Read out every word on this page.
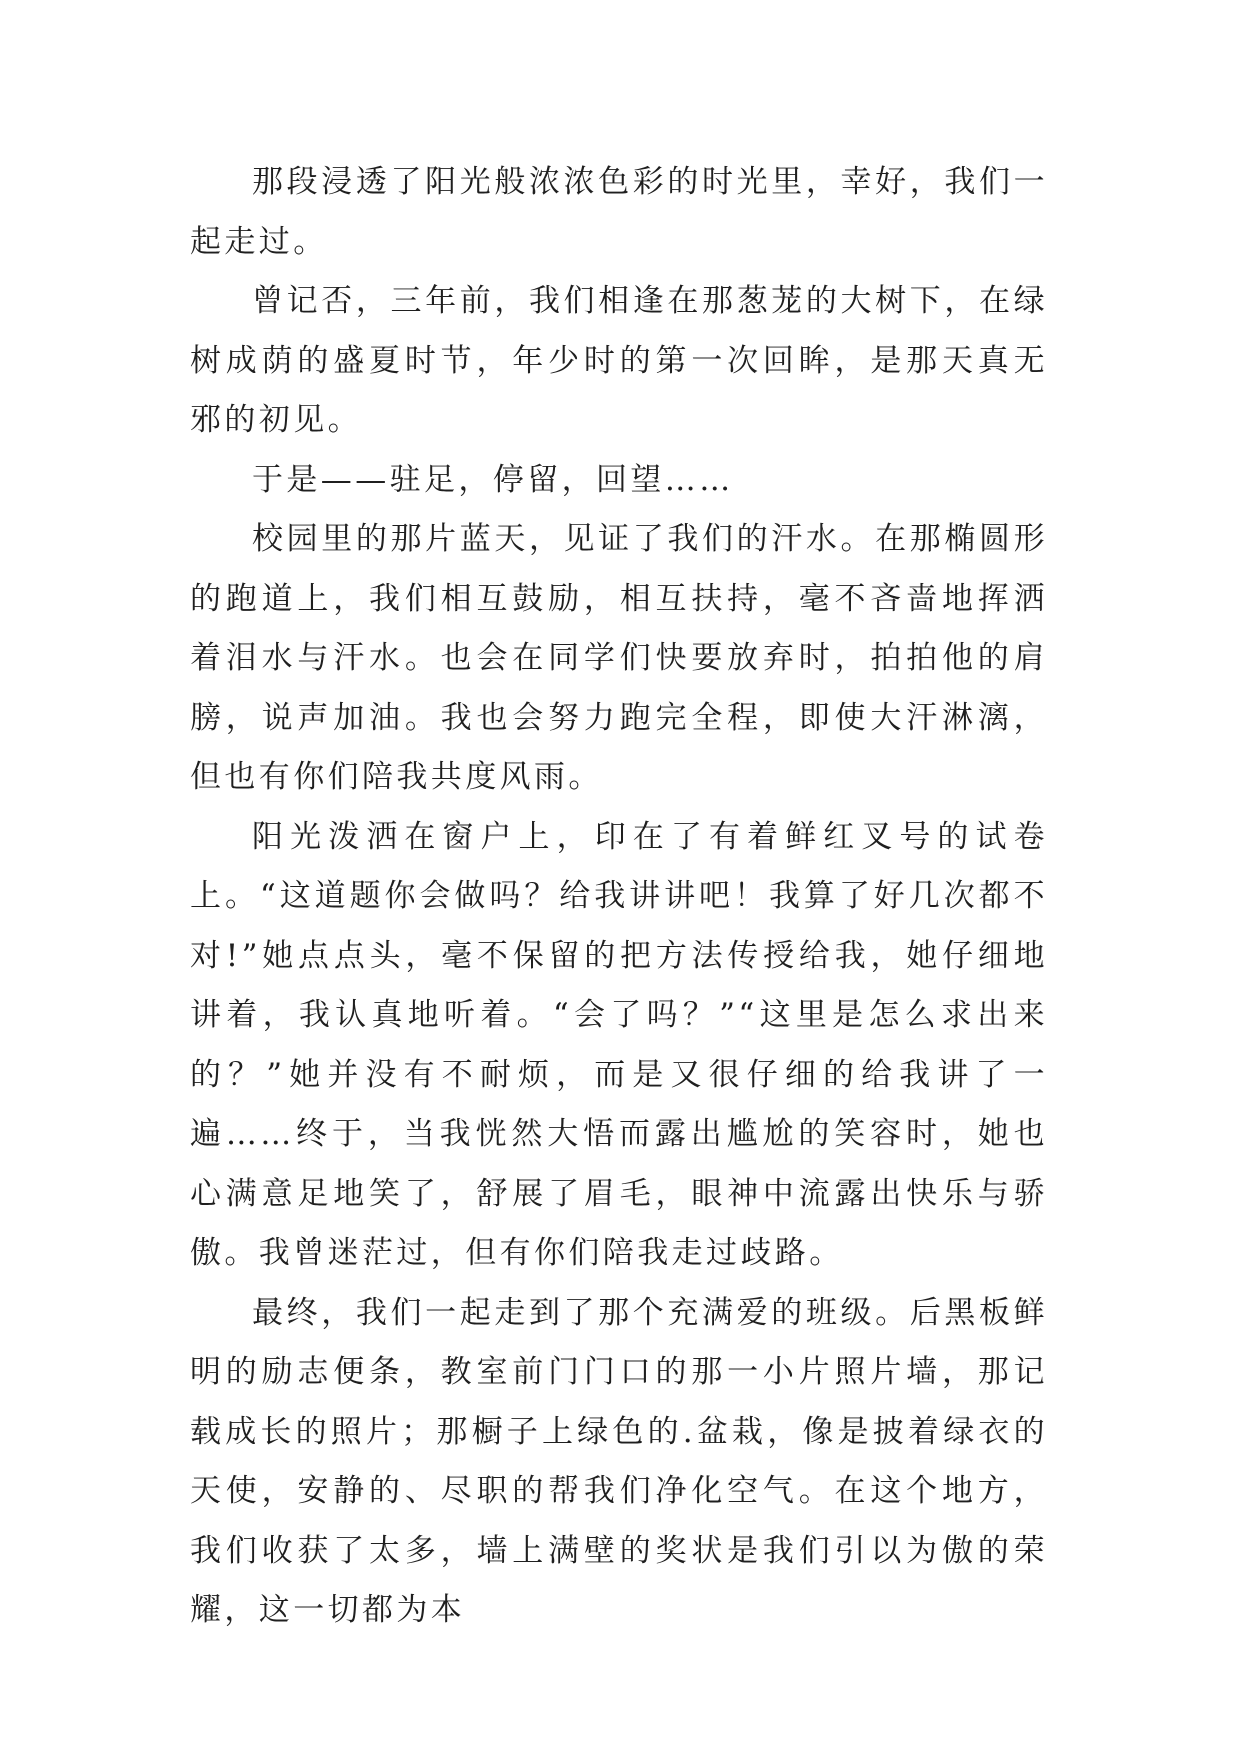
那段浸透了阳光般浓浓色彩的时光里，幸好，我们一起走过。

曾记否，三年前，我们相逢在那葱茏的大树下，在绿树成荫的盛夏时节，年少时的第一次回眸，是那天真无邪的初见。

于是——驻足，停留，回望……

校园里的那片蓝天，见证了我们的汗水。在那椭圆形的跑道上，我们相互鼓励，相互扶持，毫不吝啬地挥洒着泪水与汗水。也会在同学们快要放弃时，拍拍他的肩膀，说声加油。我也会努力跑完全程，即使大汗淋漓，但也有你们陪我共度风雨。

阳光泼洒在窗户上，印在了有着鲜红叉号的试卷上。“这道题你会做吗？给我讲讲吧！我算了好几次都不对!”她点点头，毫不保留的把方法传授给我，她仔细地讲着，我认真地听着。“会了吗？”“这里是怎么求出来的？”她并没有不耐烦，而是又很仔细的给我讲了一遍……终于，当我恍然大悟而露出尴尬的笑容时，她也心满意足地笑了，舒展了眉毛，眼神中流露出快乐与骄傲。我曾迷茫过，但有你们陪我走过歧路。

最终，我们一起走到了那个充满爱的班级。后黑板鲜明的励志便条，教室前门门口的那一小片照片墙，那记载成长的照片；那橱子上绿色的.盆栽，像是披着绿衣的天使，安静的、尽职的帮我们净化空气。在这个地方，我们收获了太多，墙上满壁的奖状是我们引以为傲的荣耀，这一切都为本
